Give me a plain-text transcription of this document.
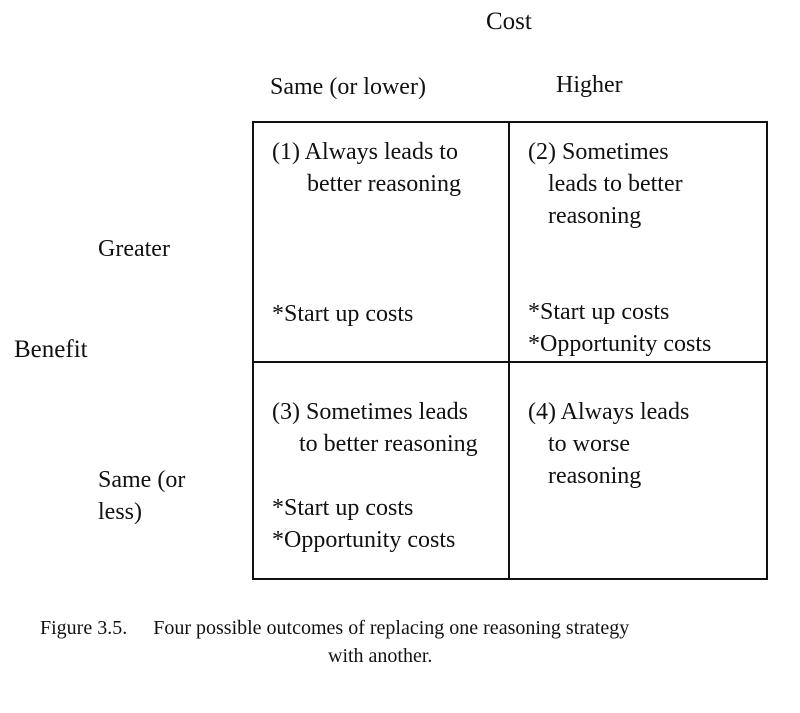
Cost
Benefit
Same (or lower)	Higher
Greater
Same (or
less)
(1) Always leads to
better reasoning
*Start up costs
(2) Sometimes
leads to better
reasoning
*Start up costs
*Opportunity costs
(3) Sometimes leads
to better reasoning
*Start up costs
*Opportunity costs
(4) Always leads
to worse
reasoning
Figure 3.5. Four possible outcomes of replacing one reasoning strategy
with another.
